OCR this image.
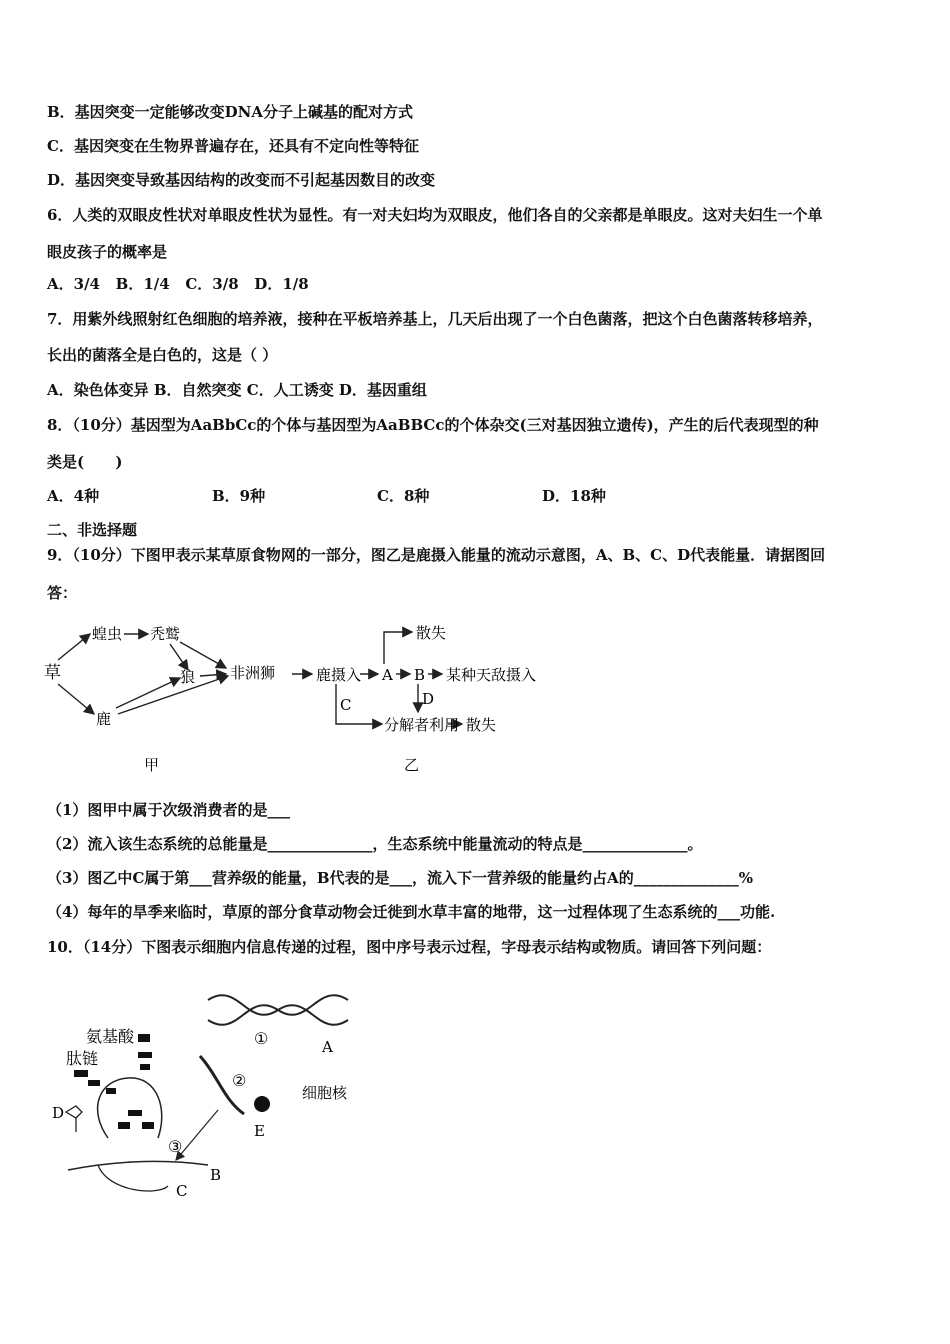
B．基因突变一定能够改变DNA分子上碱基的配对方式
C．基因突变在生物界普遍存在，还具有不定向性等特征
D．基因突变导致基因结构的改变而不引起基因数目的改变
6．人类的双眼皮性状对单眼皮性状为显性。有一对夫妇均为双眼皮，他们各自的父亲都是单眼皮。这对夫妇生一个单
眼皮孩子的概率是
A．3/4   B．1/4   C．3/8   D．1/8
7．用紫外线照射红色细胞的培养液，接种在平板培养基上，几天后出现了一个白色菌落，把这个白色菌落转移培养，
长出的菌落全是白色的，这是（ ）
A．染色体变异 B．自然突变 C．人工诱变 D．基因重组
8．（10分）基因型为AaBbCc的个体与基因型为AaBBCc的个体杂交(三对基因独立遗传)，产生的后代表现型的种
类是(      )
A．4种	B．9种	C．8种	D．18种
二、非选择题
9．（10分）下图甲表示某草原食物网的一部分，图乙是鹿摄入能量的流动示意图，A、B、C、D代表能量．请据图回
答：
草
蝗虫 秃鹫
狼 非洲狮
鹿
甲
鹿摄入 A B 某种天敌摄入
散失
C	D
分解者利用 散失
乙
（1）图甲中属于次级消费者的是___
（2）流入该生态系统的总能量是______________，生态系统中能量流动的特点是______________。
（3）图乙中C属于第___营养级的能量，B代表的是___，流入下一营养级的能量约占A的______________%
（4）每年的旱季来临时，草原的部分食草动物会迁徙到水草丰富的地带，这一过程体现了生态系统的___功能.
10．（14分）下图表示细胞内信息传递的过程，图中序号表示过程，字母表示结构或物质。请回答下列问题：
氨基酸
肽链
D
B
C
E
A
细胞核
①
②
③
